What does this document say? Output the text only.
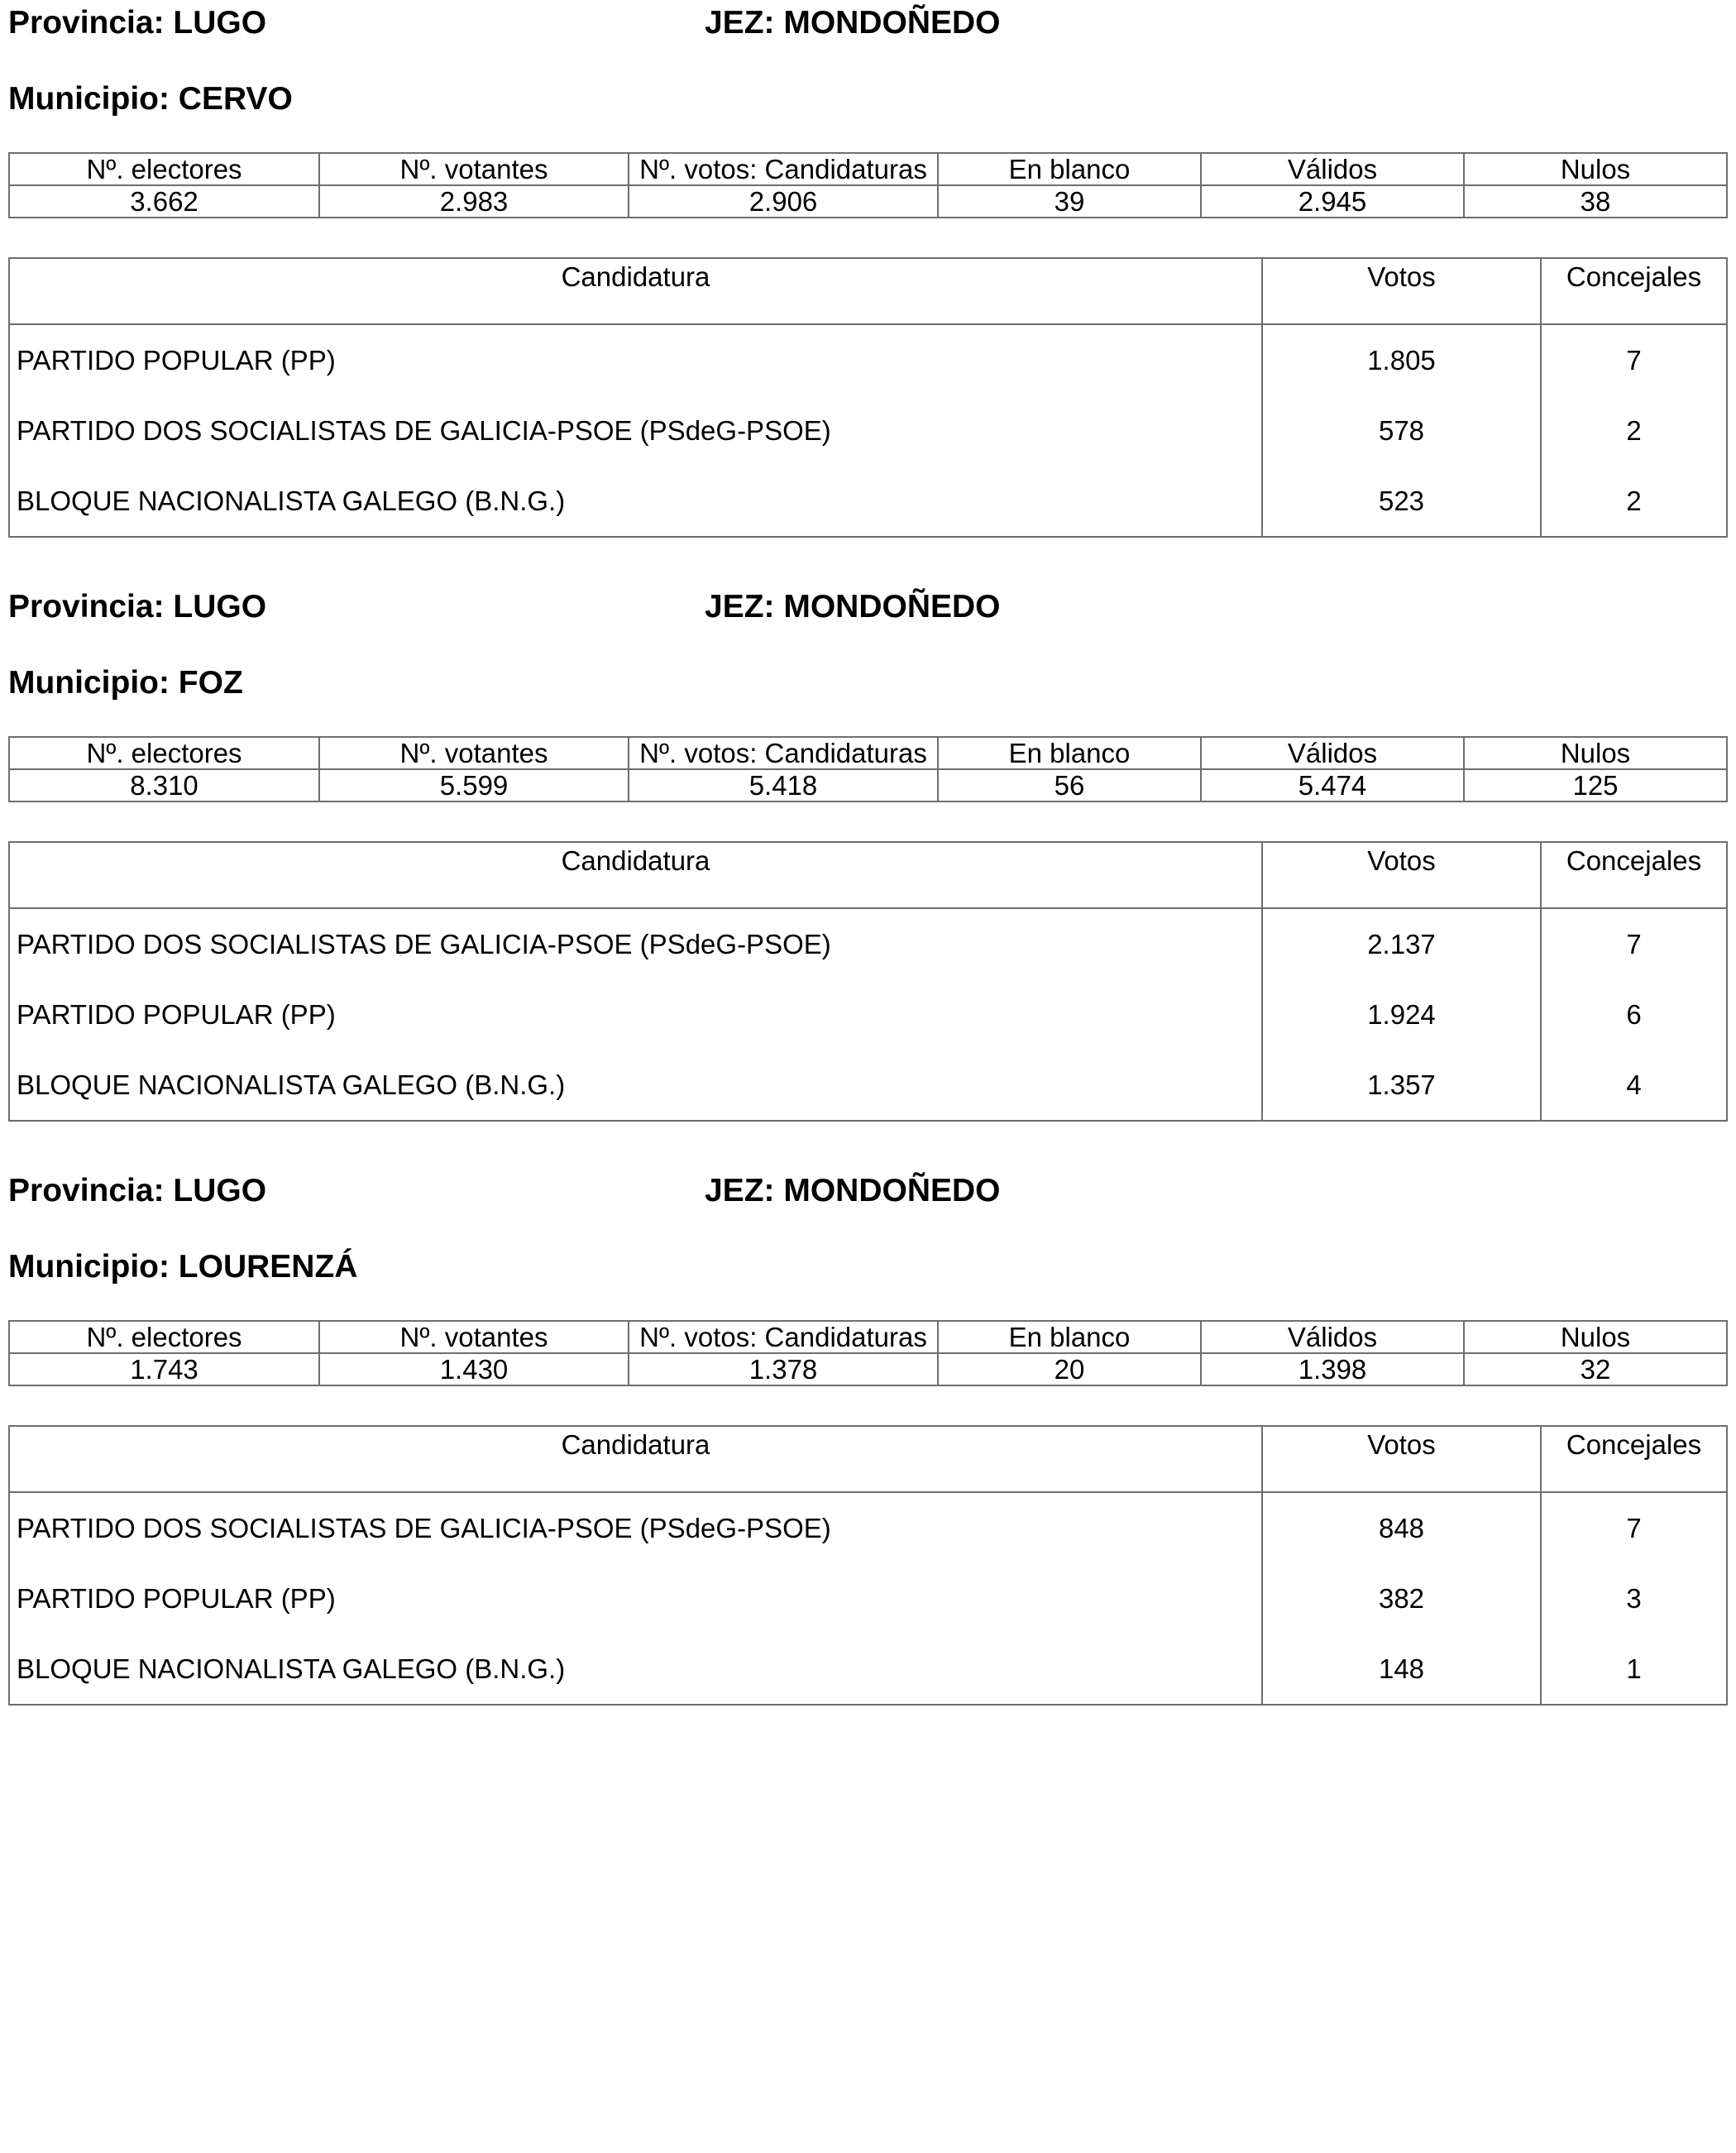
Provincia: LUGO	JEZ: MONDOÑEDO
Municipio: CERVO
Nº. electores	Nº. votantes	Nº. votos: Candidaturas	En blanco	Válidos	Nulos
3.662	2.983	2.906	39	2.945	38
Candidatura	Votos	Concejales
PARTIDO POPULAR (PP)	1.805	7
PARTIDO DOS SOCIALISTAS DE GALICIA-PSOE (PSdeG-PSOE)	578	2
BLOQUE NACIONALISTA GALEGO (B.N.G.)	523	2
Provincia: LUGO	JEZ: MONDOÑEDO
Municipio: FOZ
Nº. electores	Nº. votantes	Nº. votos: Candidaturas	En blanco	Válidos	Nulos
8.310	5.599	5.418	56	5.474	125
Candidatura	Votos	Concejales
PARTIDO DOS SOCIALISTAS DE GALICIA-PSOE (PSdeG-PSOE)	2.137	7
PARTIDO POPULAR (PP)	1.924	6
BLOQUE NACIONALISTA GALEGO (B.N.G.)	1.357	4
Provincia: LUGO	JEZ: MONDOÑEDO
Municipio: LOURENZÁ
Nº. electores	Nº. votantes	Nº. votos: Candidaturas	En blanco	Válidos	Nulos
1.743	1.430	1.378	20	1.398	32
Candidatura	Votos	Concejales
PARTIDO DOS SOCIALISTAS DE GALICIA-PSOE (PSdeG-PSOE)	848	7
PARTIDO POPULAR (PP)	382	3
BLOQUE NACIONALISTA GALEGO (B.N.G.)	148	1
